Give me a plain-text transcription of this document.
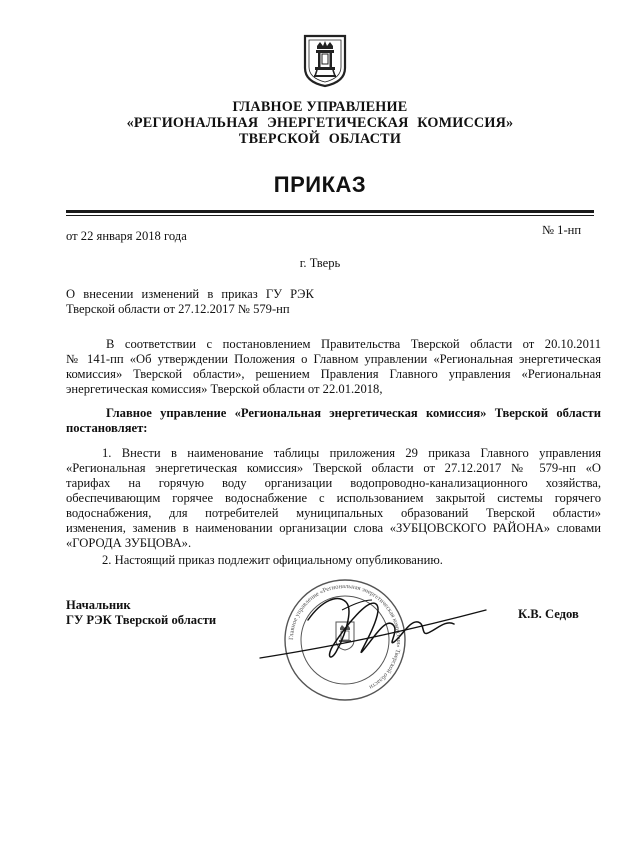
ГЛАВНОЕ УПРАВЛЕНИЕ
«РЕГИОНАЛЬНАЯ ЭНЕРГЕТИЧЕСКАЯ КОМИССИЯ»
ТВЕРСКОЙ ОБЛАСТИ
ПРИКАЗ
от 22 января 2018 года	№ 1-нп
г. Тверь
О внесении изменений в приказ ГУ РЭК
Тверской области от 27.12.2017 № 579-нп
В соответствии с постановлением Правительства Тверской области от 20.10.2011
№ 141-пп «Об утверждении Положения о Главном управлении «Региональная энергетическая
комиссия» Тверской области», решением Правления Главного управления «Региональная
энергетическая комиссия» Тверской области от 22.01.2018,
Главное управление «Региональная энергетическая комиссия» Тверской области
постановляет:
1. Внести в наименование таблицы приложения 29 приказа Главного управления
«Региональная энергетическая комиссия» Тверской области от 27.12.2017 № 579-нп «О
тарифах на горячую воду организации водопроводно-канализационного хозяйства,
обеспечивающим горячее водоснабжение с использованием закрытой системы горячего
водоснабжения, для потребителей муниципальных образований Тверской области»
изменения, заменив в наименовании организации слова «ЗУБЦОВСКОГО РАЙОНА» словами
«ГОРОДА ЗУБЦОВА».
2. Настоящий приказ подлежит официальному опубликованию.
Начальник
ГУ РЭК Тверской области	К.В. Седов
Главное управление «Региональная энергетическая комиссия» Тверской области
